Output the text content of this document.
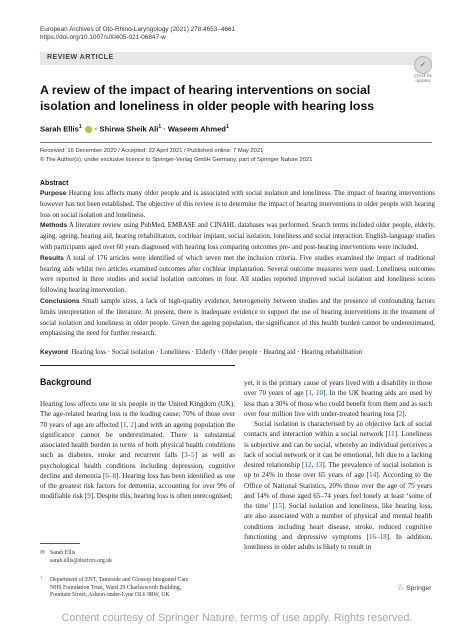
European Archives of Oto-Rhino-Laryngology (2021) 278:4653–4661
https://doi.org/10.1007/s00405-021-06847-w
REVIEW ARTICLE
✓
Check for
updates
A review of the impact of hearing interventions on social isolation and loneliness in older people with hearing loss
Sarah Ellis$^1$  · Shirwa Sheik Ali$^1$ · Waseem Ahmed$^1$
Received: 16 December 2020 / Accepted: 22 April 2021 / Published online: 7 May 2021
© The Author(s), under exclusive licence to Springer-Verlag GmbH Germany, part of Springer Nature 2021
Abstract

Purpose Hearing loss affects many older people and is associated with social isolation and loneliness. The impact of hearing interventions however has not been established. The objective of this review is to determine the impact of hearing interventions in older people with hearing loss on social isolation and loneliness.

Methods A literature review using PubMed, EMBASE and CINAHL databases was performed. Search terms included older people, elderly, aging, ageing, hearing aid, hearing rehabilitation, cochlear implant, social isolation, loneliness and social interaction. English-language studies with participants aged over 60 years diagnosed with hearing loss comparing outcomes pre- and post-hearing interventions were included.

Results A total of 176 articles were identified of which seven met the inclusion criteria. Five studies examined the impact of traditional hearing aids whilst two articles examined outcomes after cochlear implantation. Several outcome measures were used. Loneliness outcomes were reported in three studies and social isolation outcomes in four. All studies reported improved social isolation and loneliness scores following hearing intervention.

Conclusions Small sample sizes, a lack of high-quality evidence, heterogeneity between studies and the presence of confounding factors limits interpretation of the literature. At present, there is inadequate evidence to support the use of hearing interventions in the treatment of social isolation and loneliness in older people. Given the ageing population, the significance of this health burden cannot be underestimated, emphasising the need for further research.

Keyword Hearing loss · Social isolation · Loneliness · Elderly · Older people · Hearing aid · Hearing rehabilitation
Background

Hearing loss affects one in six people in the United Kingdom (UK). The age-related hearing loss is the leading cause; 70% of those over 70 years of age are affected [1, 2] and with an ageing population the significance cannot be underestimated. There is substantial associated health burden in terms of both physical health conditions such as diabetes, stroke and recurrent falls [3–5] as well as psychological health conditions including depression, cognitive decline and dementia [6–8]. Hearing loss has been identified as one of the greatest risk factors for dementia, accounting for over 9% of modifiable risk [9]. Despite this, hearing loss is often unrecognised;

yet, it is the primary cause of years lived with a disability in those over 70 years of age [1, 10]. In the UK hearing aids are used by less than a 30% of those who could benefit from them and as such over four million live with under-treated hearing loss [2].

Social isolation is characterised by an objective lack of social contacts and interaction within a social network [11]. Loneliness is subjective and can be social, whereby an individual perceives a lack of social network or it can be emotional, felt due to a lacking desired relationship [12, 13]. The prevalence of social isolation is up to 24% in those over 65 years of age [14]. According to the Office of National Statistics, 20% those over the age of 75 years and 14% of those aged 65–74 years feel lonely at least ‘some of the time’ [15]. Social isolation and loneliness, like hearing loss, are also associated with a number of physical and mental health conditions including heart disease, stroke, reduced cognitive functioning and depressive symptoms [16–18]. In addition, loneliness in older adults is likely to result in

✉ Sarah Ellis
sarah.ellis@doctors.org.uk
1 Department of ENT, Tameside and Glossop Integrated Care
NHS Foundation Trust, Ward 29 Charlesworth Building,
Fountain Street, Ashton-under-Lyne OL6 9RW, UK
♘ Springer
Content courtesy of Springer Nature, terms of use apply. Rights reserved.
